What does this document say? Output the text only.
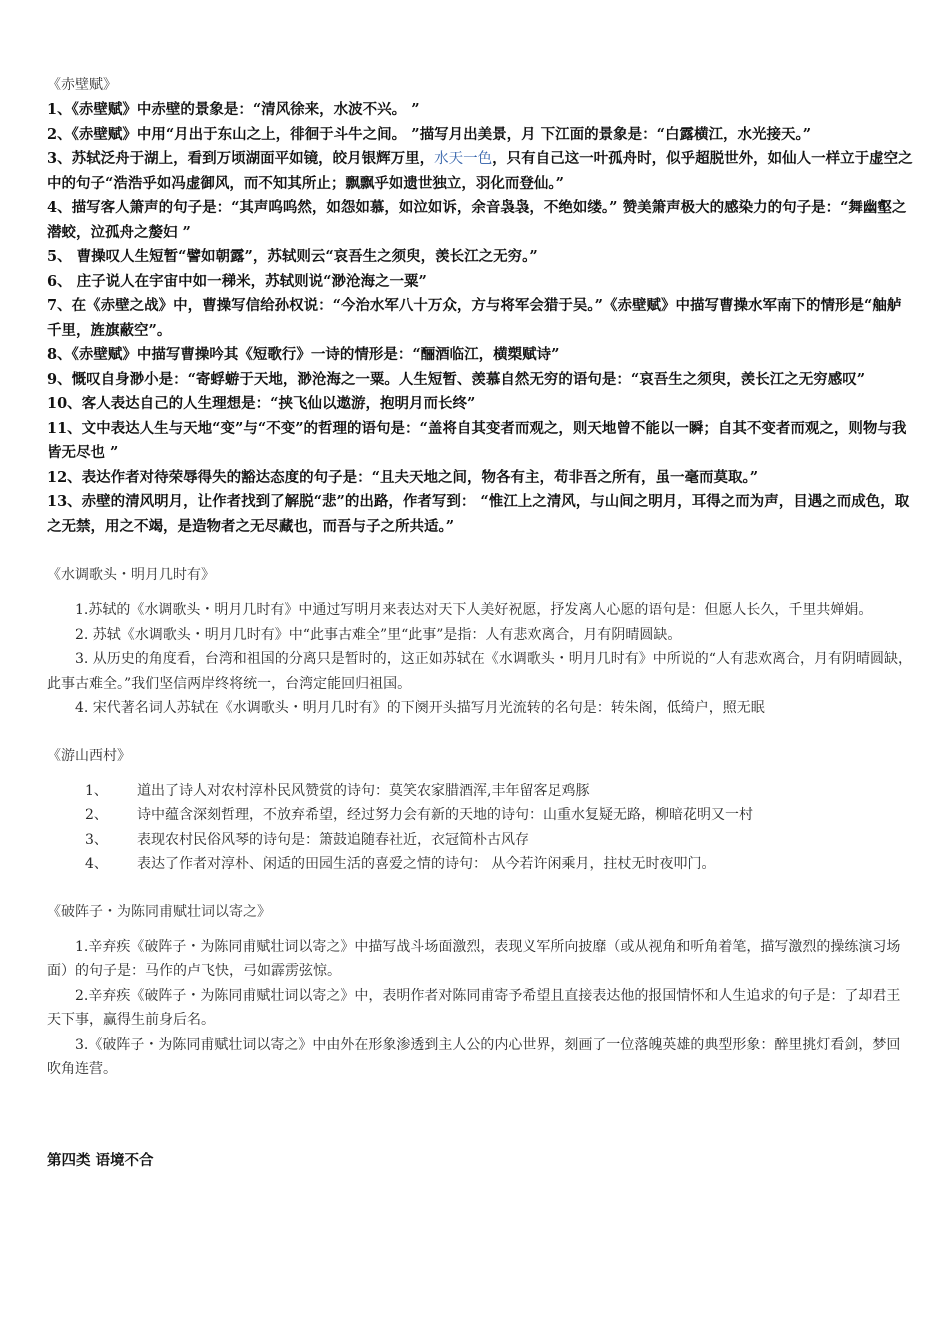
《赤壁赋》

1、《赤壁赋》中赤壁的景象是：“清风徐来，水波不兴。 ”

2、《赤壁赋》中用“月出于东山之上，徘徊于斗牛之间。 ”描写月出美景，月 下江面的景象是：“白露横江，水光接天。”

3、苏轼泛舟于湖上，看到万顷湖面平如镜，皎月银辉万里，水天一色，只有自己这一叶孤舟时，似乎超脱世外，如仙人一样立于虚空之中的句子“浩浩乎如冯虚御风，而不知其所止；飘飘乎如遗世独立，羽化而登仙。”

4、描写客人箫声的句子是：“其声呜呜然，如怨如慕，如泣如诉，余音袅袅，不绝如缕。” 赞美箫声极大的感染力的句子是：“舞幽壑之潜蛟，泣孤舟之嫠妇 ”

5、 曹操叹人生短暂“譬如朝露”，苏轼则云“哀吾生之须臾，羡长江之无穷。”

6、 庄子说人在宇宙中如一稊米，苏轼则说“渺沧海之一粟”

7、在《赤壁之战》中，曹操写信给孙权说：“今治水军八十万众，方与将军会猎于吴。”《赤壁赋》中描写曹操水军南下的情形是“舳舻千里，旌旗蔽空”。

8、《赤壁赋》中描写曹操吟其《短歌行》一诗的情形是：“酾酒临江，横槊赋诗”

9、慨叹自身渺小是：“寄蜉蝣于天地，渺沧海之一粟。人生短暂、羡慕自然无穷的语句是：“哀吾生之须臾，羡长江之无穷感叹”

10、客人表达自己的人生理想是：“挟飞仙以遨游，抱明月而长终”

11、文中表达人生与天地“变”与“不变”的哲理的语句是：“盖将自其变者而观之，则天地曾不能以一瞬；自其不变者而观之，则物与我皆无尽也 ”

12、表达作者对待荣辱得失的豁达态度的句子是：“且夫天地之间，物各有主，苟非吾之所有，虽一毫而莫取。”

13、赤壁的清风明月，让作者找到了解脱“悲”的出路，作者写到： “惟江上之清风，与山间之明月，耳得之而为声，目遇之而成色，取之无禁，用之不竭，是造物者之无尽藏也，而吾与子之所共适。”

《水调歌头・明月几时有》

1.苏轼的《水调歌头・明月几时有》中通过写明月来表达对天下人美好祝愿，抒发离人心愿的语句是：但愿人长久，千里共婵娟。

2. 苏轼《水调歌头・明月几时有》中“此事古难全”里“此事”是指：人有悲欢离合，月有阴晴圆缺。

3. 从历史的角度看，台湾和祖国的分离只是暂时的，这正如苏轼在《水调歌头・明月几时有》中所说的“人有悲欢离合，月有阴晴圆缺，此事古难全。”我们坚信两岸终将统一，台湾定能回归祖国。

4. 宋代著名词人苏轼在《水调歌头・明月几时有》的下阕开头描写月光流转的名句是：转朱阁，低绮户，照无眠

《游山西村》

1、 道出了诗人对农村淳朴民风赞赏的诗句：莫笑农家腊酒浑,丰年留客足鸡豚

2、 诗中蕴含深刻哲理，不放弃希望，经过努力会有新的天地的诗句：山重水复疑无路，柳暗花明又一村

3、 表现农村民俗风琴的诗句是：箫鼓追随春社近，衣冠简朴古风存

4、 表达了作者对淳朴、闲适的田园生活的喜爱之情的诗句： 从今若许闲乘月，拄杖无时夜叩门。

《破阵子・为陈同甫赋壮词以寄之》

1.辛弃疾《破阵子・为陈同甫赋壮词以寄之》中描写战斗场面激烈，表现义军所向披靡（或从视角和听角着笔，描写激烈的操练演习场面）的句子是：马作的卢飞快，弓如霹雳弦惊。

2.辛弃疾《破阵子・为陈同甫赋壮词以寄之》中，表明作者对陈同甫寄予希望且直接表达他的报国情怀和人生追求的句子是：了却君王天下事，赢得生前身后名。

3.《破阵子・为陈同甫赋壮词以寄之》中由外在形象渗透到主人公的内心世界，刻画了一位落魄英雄的典型形象：醉里挑灯看剑，梦回吹角连营。

第四类 语境不合
